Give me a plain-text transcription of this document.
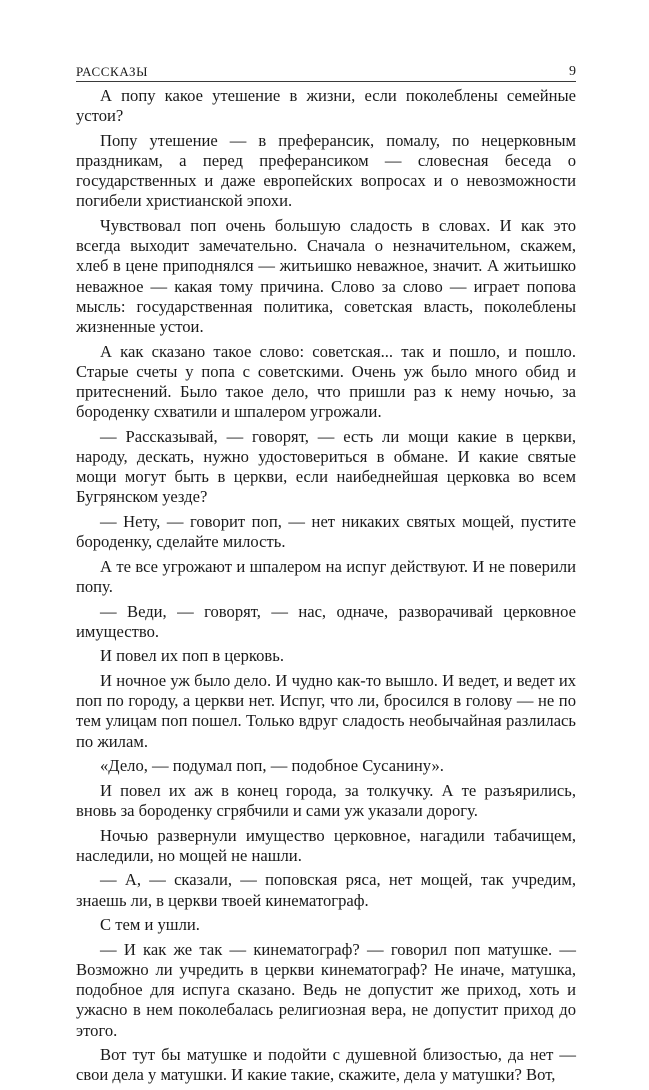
РАССКАЗЫ	9

А попу какое утешение в жизни, если поколеблены семейные устои?

Попу утешение — в преферансик, помалу, по нецерковным праздникам, а перед преферансиком — словесная беседа о государственных и даже европейских вопросах и о невозможности погибели христианской эпохи.

Чувствовал поп очень большую сладость в словах. И как это всегда выходит замечательно. Сначала о незначительном, скажем, хлеб в цене приподнялся — житьишко неважное, значит. А житьишко неважное — какая тому причина. Слово за слово — играет попова мысль: государственная политика, советская власть, поколеблены жизненные устои.

А как сказано такое слово: советская... так и пошло, и пошло. Старые счеты у попа с советскими. Очень уж было много обид и притеснений. Было такое дело, что пришли раз к нему ночью, за бороденку схватили и шпалером угрожали.

— Рассказывай, — говорят, — есть ли мощи какие в церкви, народу, дескать, нужно удостовериться в обмане. И какие святые мощи могут быть в церкви, если наибеднейшая церковка во всем Бугрянском уезде?

— Нету, — говорит поп, — нет никаких святых мощей, пустите бороденку, сделайте милость.

А те все угрожают и шпалером на испуг действуют. И не поверили попу.

— Веди, — говорят, — нас, одначе, разворачивай церковное имущество.

И повел их поп в церковь.

И ночное уж было дело. И чудно как-то вышло. И ведет, и ведет их поп по городу, а церкви нет. Испуг, что ли, бросился в голову — не по тем улицам поп пошел. Только вдруг сладость необычайная разлилась по жилам.

«Дело, — подумал поп, — подобное Сусанину».

И повел их аж в конец города, за толкучку. А те разъярились, вновь за бороденку сгрябчили и сами уж указали дорогу.

Ночью развернули имущество церковное, нагадили табачищем, наследили, но мощей не нашли.

— А, — сказали, — поповская ряса, нет мощей, так учредим, знаешь ли, в церкви твоей кинематограф.

С тем и ушли.

— И как же так — кинематограф? — говорил поп матушке. — Возможно ли учредить в церкви кинематограф? Не иначе, матушка, подобное для испуга сказано. Ведь не допустит же приход, хоть и ужасно в нем поколебалась религиозная вера, не допустит приход до этого.

Вот тут бы матушке и подойти с душевной близостью, да нет — свои дела у матушки. И какие такие, скажите, дела у матушки? Вот,
